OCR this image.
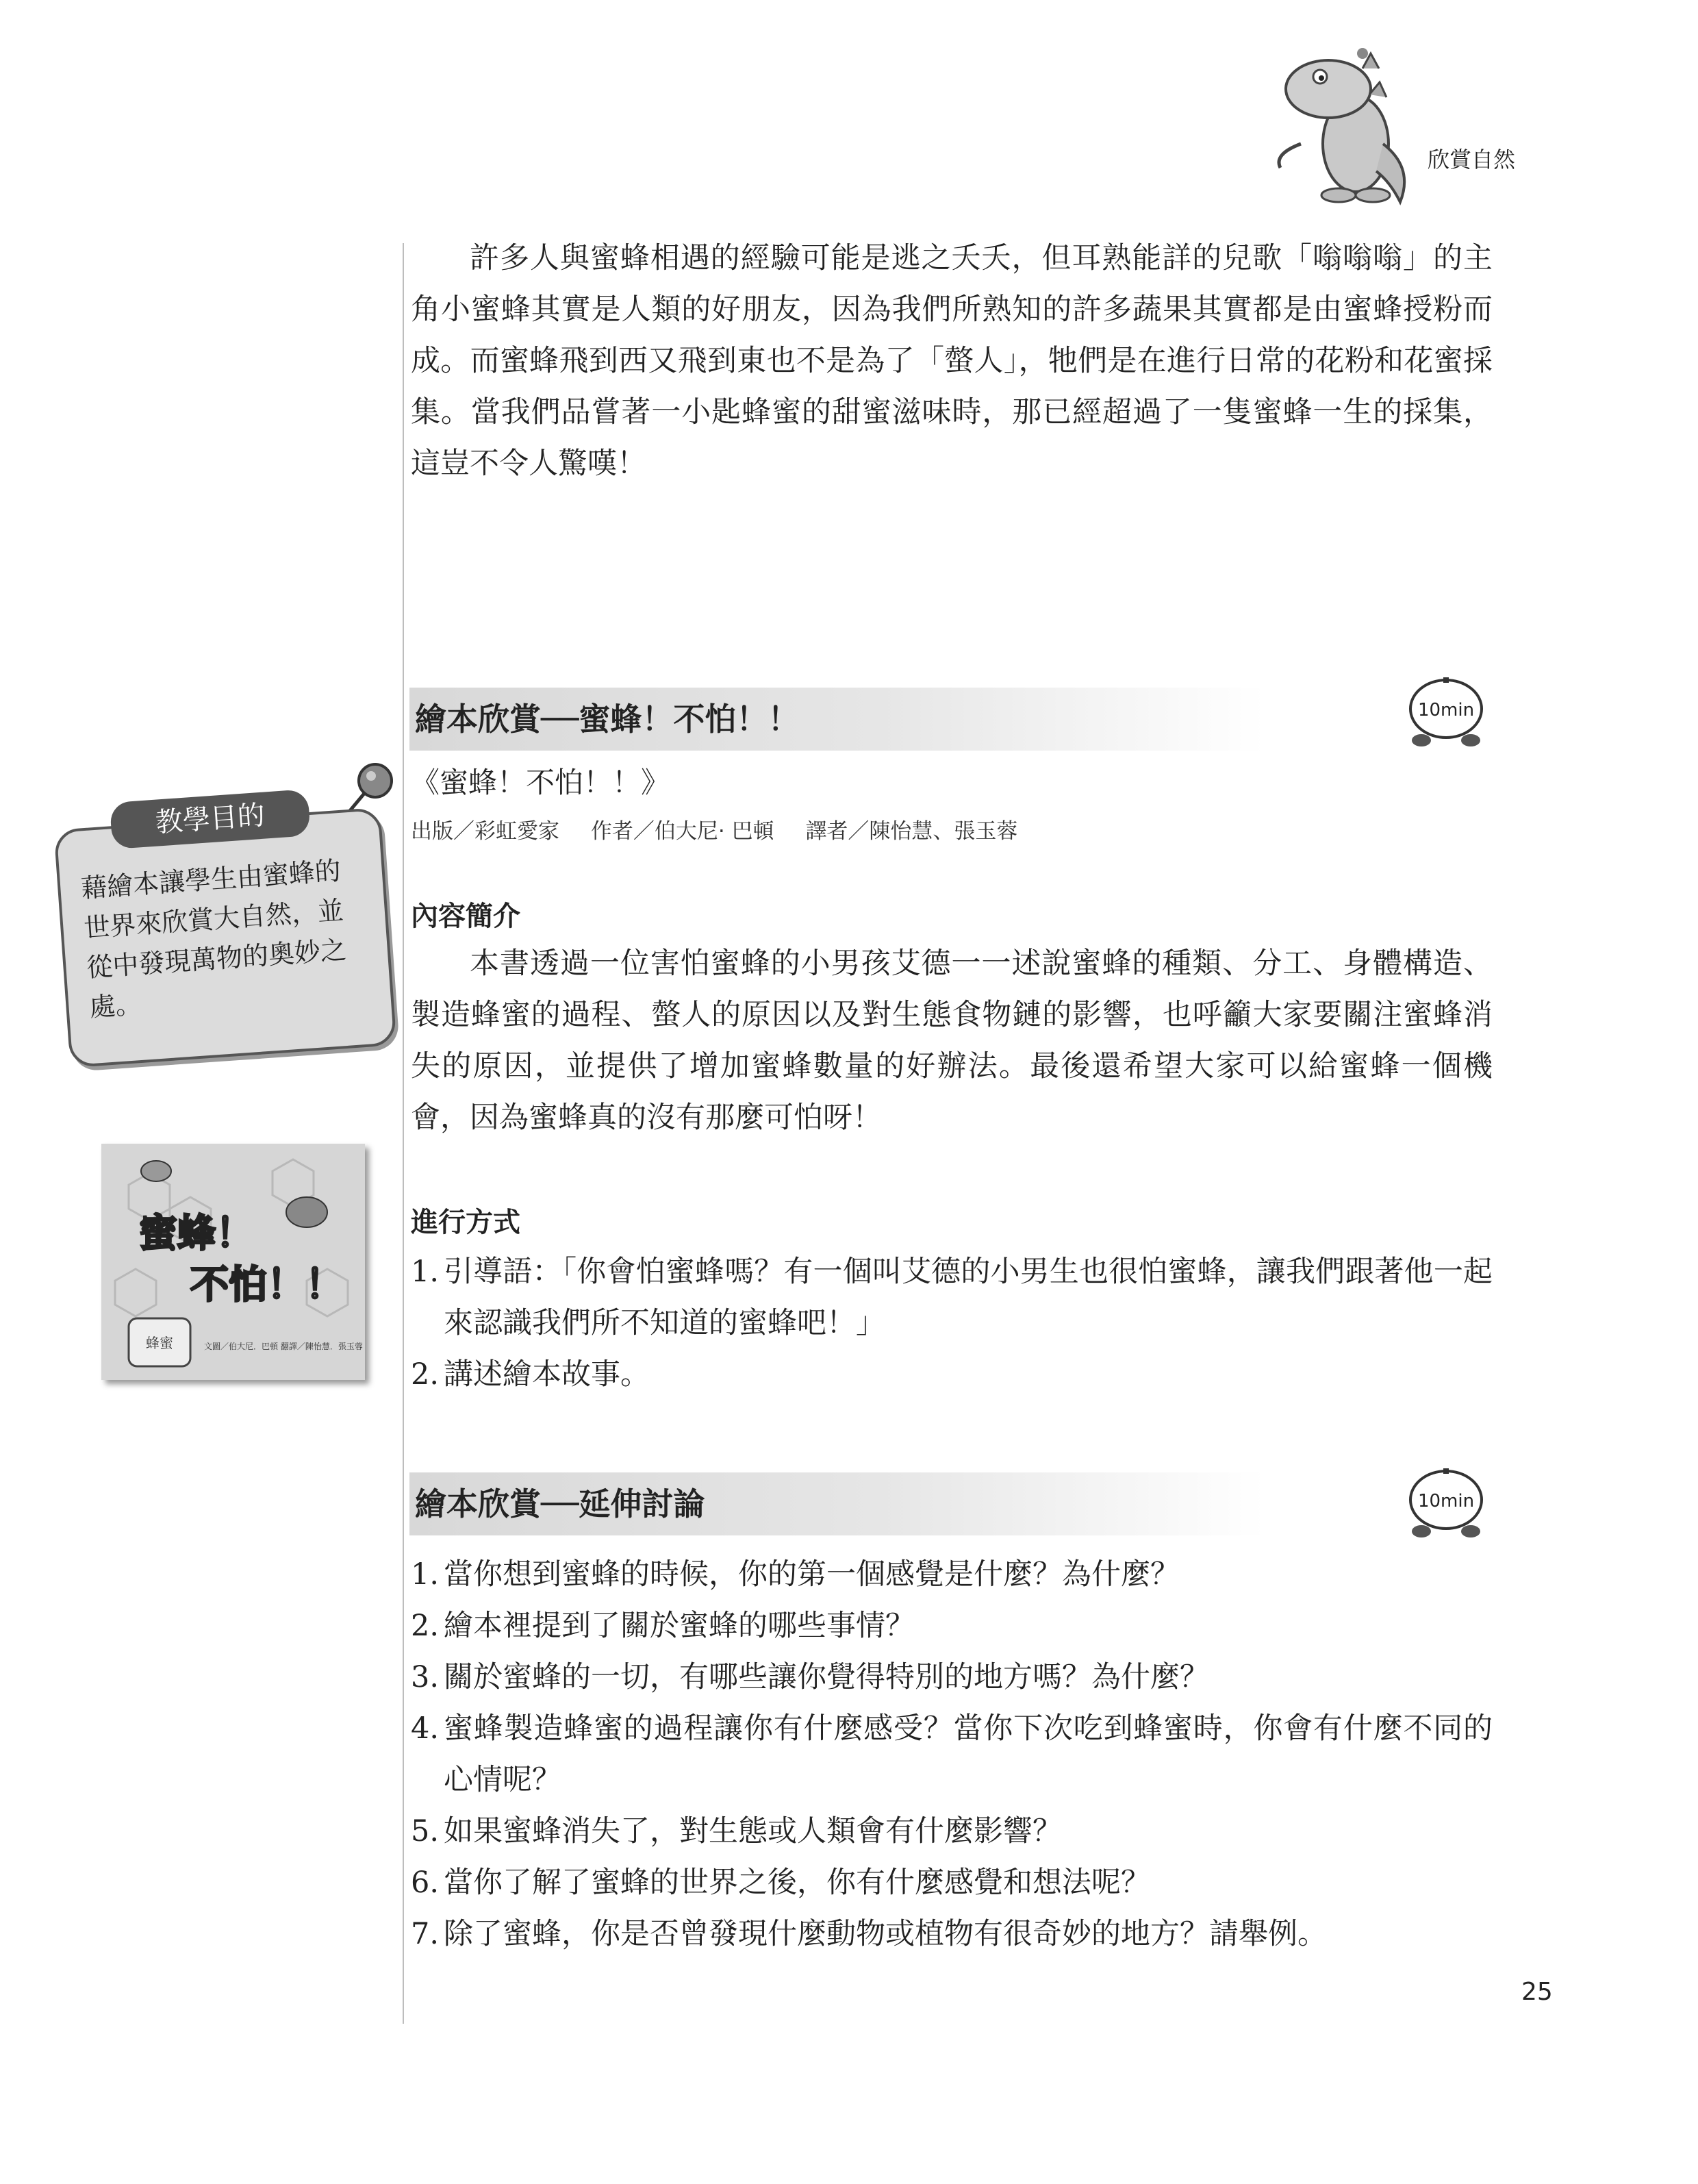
欣賞自然

許多人與蜜蜂相遇的經驗可能是逃之夭夭，但耳熟能詳的兒歌「嗡嗡嗡」的主角小蜜蜂其實是人類的好朋友，因為我們所熟知的許多蔬果其實都是由蜜蜂授粉而成。而蜜蜂飛到西又飛到東也不是為了「螫人」，牠們是在進行日常的花粉和花蜜採集。當我們品嘗著一小匙蜂蜜的甜蜜滋味時，那已經超過了一隻蜜蜂一生的採集，這豈不令人驚嘆！

繪本欣賞──蜜蜂！不怕！！	10min
《蜜蜂！不怕！！》
出版／彩虹愛家 作者／伯大尼· 巴頓 譯者／陳怡慧、張玉蓉
內容簡介

本書透過一位害怕蜜蜂的小男孩艾德一一述說蜜蜂的種類、分工、身體構造、製造蜂蜜的過程、螫人的原因以及對生態食物鏈的影響，也呼籲大家要關注蜜蜂消失的原因，並提供了增加蜜蜂數量的好辦法。最後還希望大家可以給蜜蜂一個機會，因為蜜蜂真的沒有那麼可怕呀！

進行方式
1. 引導語：「你會怕蜜蜂嗎？有一個叫艾德的小男生也很怕蜜蜂，讓我們跟著他一起來認識我們所不知道的蜜蜂吧！」
2. 講述繪本故事。
繪本欣賞──延伸討論	10min
1. 當你想到蜜蜂的時候，你的第一個感覺是什麼？為什麼？
2. 繪本裡提到了關於蜜蜂的哪些事情？
3. 關於蜜蜂的一切，有哪些讓你覺得特別的地方嗎？為什麼？
4. 蜜蜂製造蜂蜜的過程讓你有什麼感受？當你下次吃到蜂蜜時，你會有什麼不同的心情呢？
5. 如果蜜蜂消失了，對生態或人類會有什麼影響？
6. 當你了解了蜜蜂的世界之後，你有什麼感覺和想法呢？
7. 除了蜜蜂，你是否曾發現什麼動物或植物有很奇妙的地方？請舉例。
教學目的
藉繪本讓學生由蜜蜂的世界來欣賞大自然，並從中發現萬物的奧妙之處。
蜜蜂！
不怕！！
蜂蜜	文圖／伯大尼．巴頓 翻譯／陳怡慧．張玉蓉
25
